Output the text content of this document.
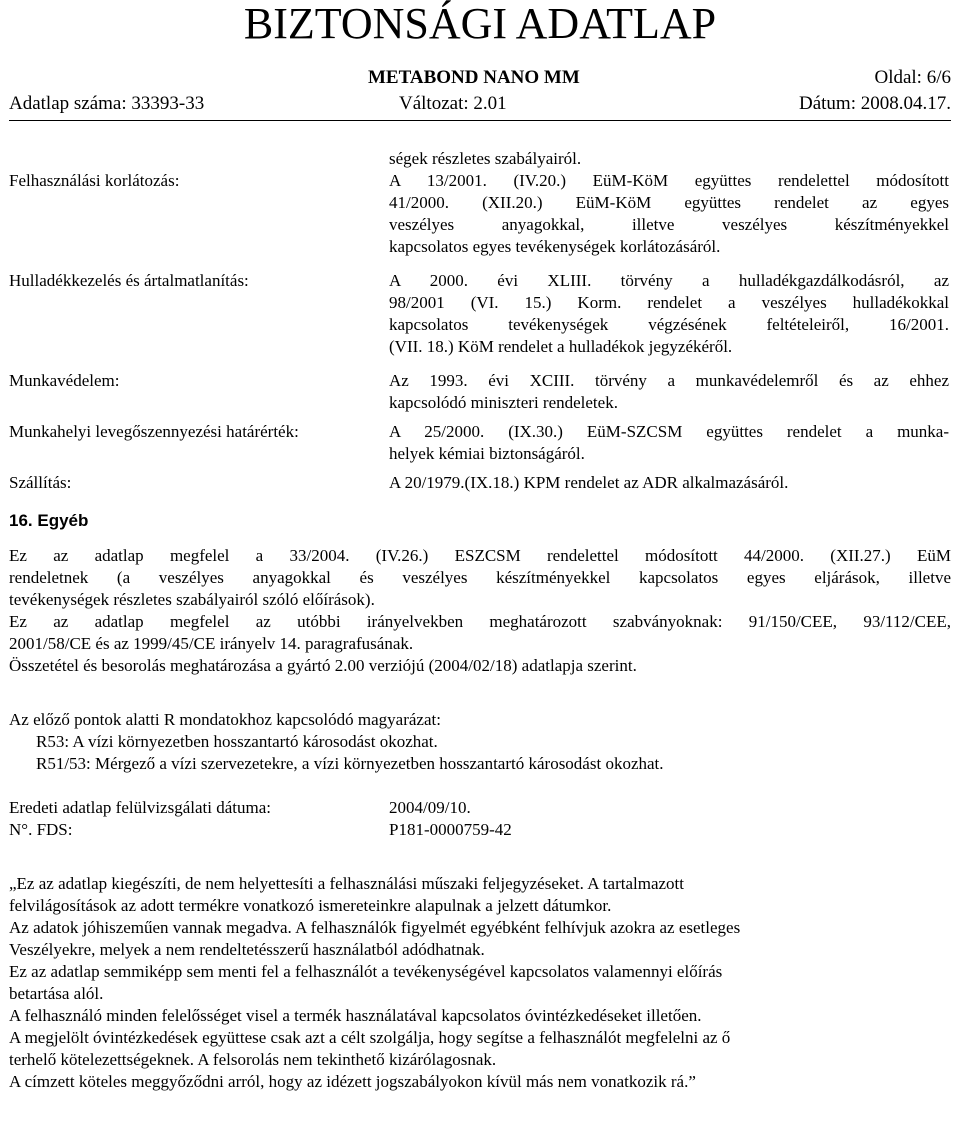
BIZTONSÁGI ADATLAP
METABOND NANO MM	Oldal: 6/6
Adatlap száma: 33393-33	Változat: 2.01	Dátum: 2008.04.17.
ségek részletes szabályairól.
Felhasználási korlátozás:	A 13/2001. (IV.20.) EüM-KöM együttes rendelettel módosított
41/2000. (XII.20.) EüM-KöM együttes rendelet az egyes
veszélyes anyagokkal, illetve veszélyes készítményekkel
kapcsolatos egyes tevékenységek korlátozásáról.
Hulladékkezelés és ártalmatlanítás:	A 2000. évi XLIII. törvény a hulladékgazdálkodásról, az
98/2001 (VI. 15.) Korm. rendelet a veszélyes hulladékokkal
kapcsolatos tevékenységek végzésének feltételeiről, 16/2001.
(VII. 18.) KöM rendelet a hulladékok jegyzékéről.
Munkavédelem:	Az 1993. évi XCIII. törvény a munkavédelemről és az ehhez
kapcsolódó miniszteri rendeletek.
Munkahelyi levegőszennyezési határérték:	A 25/2000. (IX.30.) EüM-SZCSM együttes rendelet a munka-
helyek kémiai biztonságáról.
Szállítás:	A 20/1979.(IX.18.) KPM rendelet az ADR alkalmazásáról.
16. Egyéb
Ez az adatlap megfelel a 33/2004. (IV.26.) ESZCSM rendelettel módosított 44/2000. (XII.27.) EüM
rendeletnek (a veszélyes anyagokkal és veszélyes készítményekkel kapcsolatos egyes eljárások, illetve
tevékenységek részletes szabályairól szóló előírások).
Ez az adatlap megfelel az utóbbi irányelvekben meghatározott szabványoknak: 91/150/CEE, 93/112/CEE,
2001/58/CE és az 1999/45/CE irányelv 14. paragrafusának.
Összetétel és besorolás meghatározása a gyártó 2.00 verziójú (2004/02/18) adatlapja szerint.
Az előző pontok alatti R mondatokhoz kapcsolódó magyarázat:
R53: A vízi környezetben hosszantartó károsodást okozhat.
R51/53: Mérgező a vízi szervezetekre, a vízi környezetben hosszantartó károsodást okozhat.
Eredeti adatlap felülvizsgálati dátuma:	2004/09/10.
N°. FDS:	P181-0000759-42
„Ez az adatlap kiegészíti, de nem helyettesíti a felhasználási műszaki feljegyzéseket. A tartalmazott
felvilágosítások az adott termékre vonatkozó ismereteinkre alapulnak a jelzett dátumkor.
Az adatok jóhiszeműen vannak megadva. A felhasználók figyelmét egyébként felhívjuk azokra az esetleges
Veszélyekre, melyek a nem rendeltetésszerű használatból adódhatnak.
Ez az adatlap semmiképp sem menti fel a felhasználót a tevékenységével kapcsolatos valamennyi előírás
betartása alól.
A felhasználó minden felelősséget visel a termék használatával kapcsolatos óvintézkedéseket illetően.
A megjelölt óvintézkedések együttese csak azt a célt szolgálja, hogy segítse a felhasználót megfelelni az ő
terhelő kötelezettségeknek. A felsorolás nem tekinthető kizárólagosnak.
A címzett köteles meggyőződni arról, hogy az idézett jogszabályokon kívül más nem vonatkozik rá.”
